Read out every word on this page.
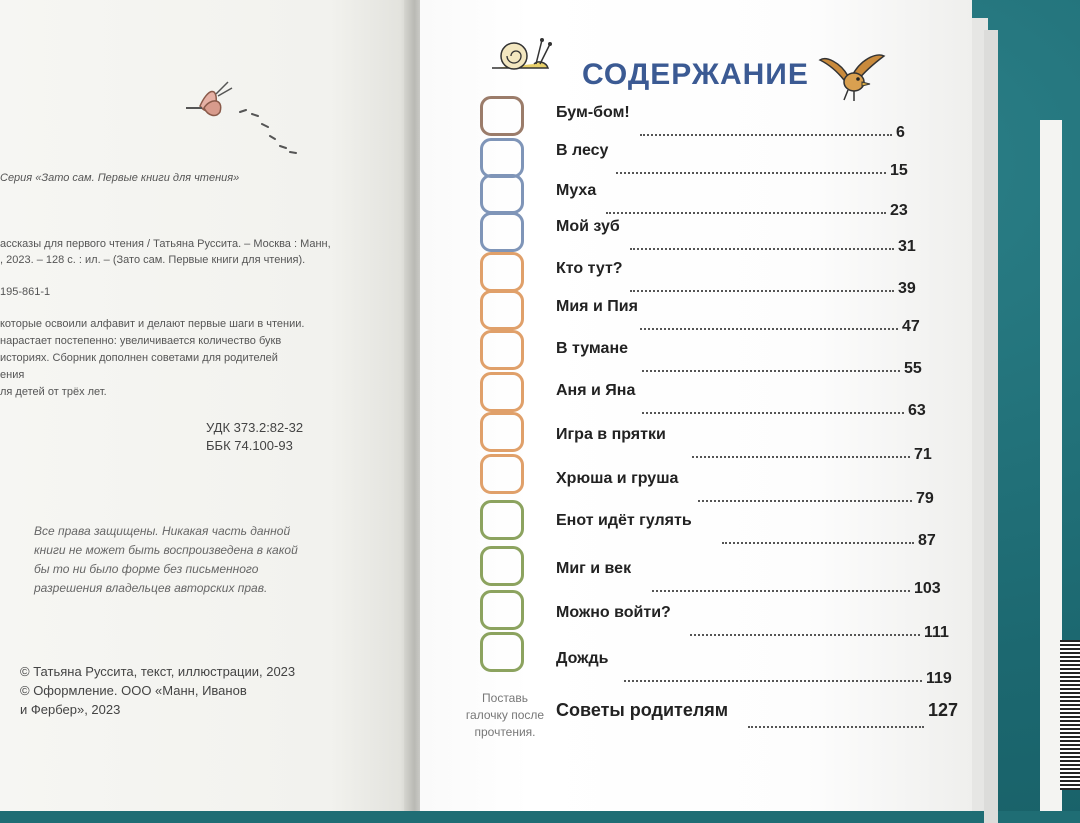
Серия «Зато сам. Первые книги для чтения»
ассказы для первого чтения / Татьяна Руссита. – Москва : Манн,
, 2023. – 128 с. : ил. – (Зато сам. Первые книги для чтения).
195-861-1
которые освоили алфавит и делают первые шаги в чтении.
нарастает постепенно: увеличивается количество букв
историях. Сборник дополнен советами для родителей
ения
ля детей от трёх лет.
УДК 373.2:82-32
ББК 74.100-93
Все права защищены. Никакая часть данной
книги не может быть воспроизведена в какой
бы то ни было форме без письменного
разрешения владельцев авторских прав.
© Татьяна Руссита, текст, иллюстрации, 2023
© Оформление. ООО «Манн, Иванов
и Фербер», 2023
СОДЕРЖАНИЕ
Бум-бом!
6
В лесу
15
Муха
23
Мой зуб
31
Кто тут?
39
Мия и Пия
47
В тумане
55
Аня и Яна
63
Игра в прятки
71
Хрюша и груша
79
Енот идёт гулять
87
Миг и век
103
Можно войти?
111
Дождь
119
Советы родителям	127
Поставь
галочку после
прочтения.
